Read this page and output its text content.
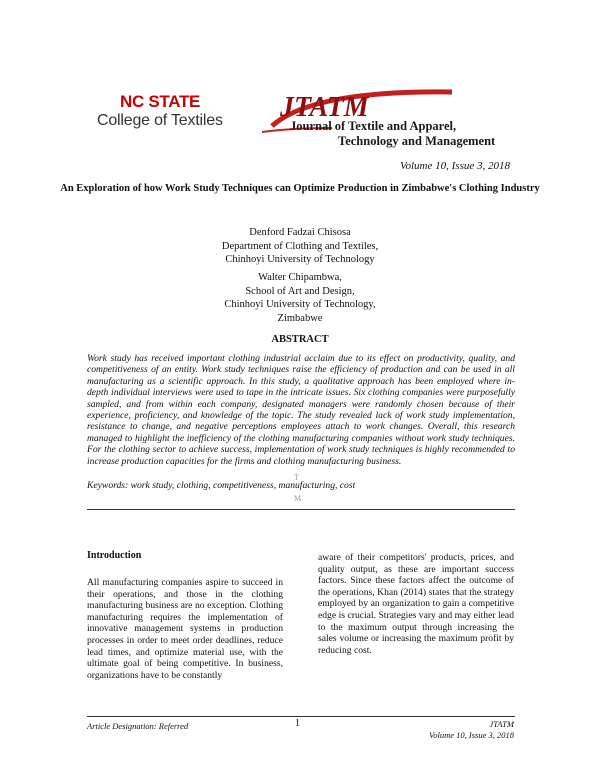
NC STATE
College of Textiles JTATM
Journal of Textile and Apparel,
Technology and Management
Volume 10, Issue 3, 2018
An Exploration of how Work Study Techniques can Optimize Production in Zimbabwe's Clothing Industry
Denford Fadzai Chisosa
Department of Clothing and Textiles,
Chinhoyi University of Technology
Walter Chipambwa,
School of Art and Design,
Chinhoyi University of Technology,
Zimbabwe
ABSTRACT
Work study has received important clothing industrial acclaim due to its effect on productivity, quality, and competitiveness of an entity. Work study techniques raise the efficiency of production and can be used in all manufacturing as a scientific approach. In this study, a qualitative approach has been employed where in-depth individual interviews were used to tape in the intricate issues. Six clothing companies were purposefully sampled, and from within each company, designated managers were randomly chosen because of their experience, proficiency, and knowledge of the topic. The study revealed lack of work study implementation, resistance to change, and negative perceptions employees attach to work changes. Overall, this research managed to highlight the inefficiency of the clothing manufacturing companies without work study techniques. For the clothing sector to achieve success, implementation of work study techniques is highly recommended to increase production capacities for the firms and clothing manufacturing business.
T
Keywords: work study, clothing, competitiveness, manufacturing, cost
M
Introduction
All manufacturing companies aspire to succeed in their operations, and those in the clothing manufacturing business are no exception. Clothing manufacturing requires the implementation of innovative management systems in production processes in order to meet order deadlines, reduce lead times, and optimize material use, with the ultimate goal of being competitive. In business, organizations have to be constantly
aware of their competitors' products, prices, and quality output, as these are important success factors. Since these factors affect the outcome of the operations, Khan (2014) states that the strategy employed by an organization to gain a competitive edge is crucial. Strategies vary and may either lead to the maximum output through increasing the sales volume or increasing the maximum profit by reducing cost.
Article Designation: Referred	1	JTATM
Volume 10, Issue 3, 2018
